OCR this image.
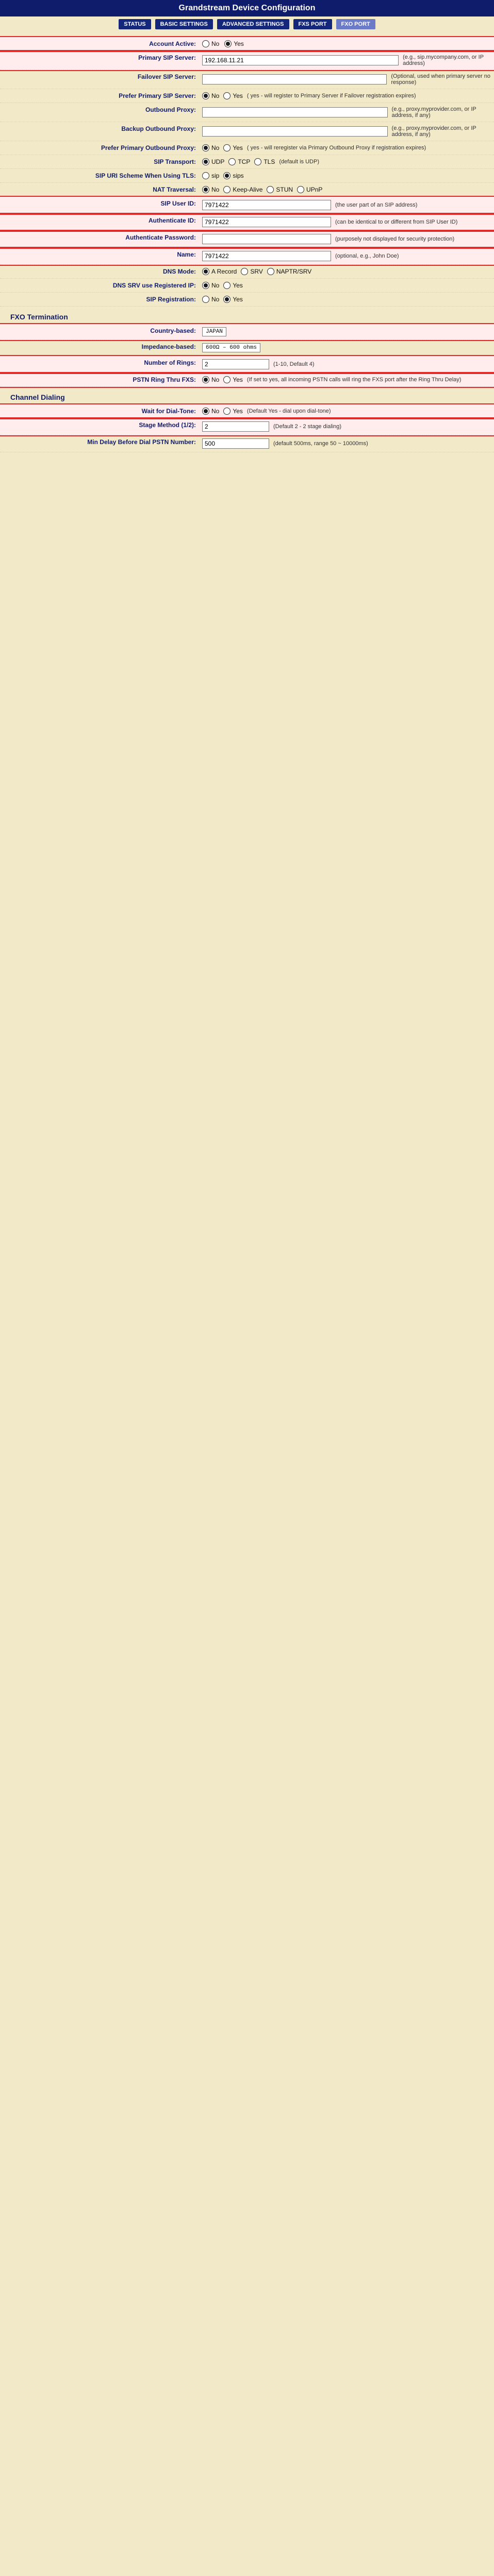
Grandstream Device Configuration
STATUS	BASIC SETTINGS	ADVANCED SETTINGS	FXS PORT	FXO PORT
Account Active:	No Yes
Primary SIP Server:
192.168.11.21	(e.g., sip.mycompany.com, or IP address)
Failover SIP Server:	(Optional, used when primary server no response)
Prefer Primary SIP Server:	No Yes ( yes - will register to Primary Server if Failover registration expires)
Outbound Proxy:	(e.g., proxy.myprovider.com, or IP address, if any)
Backup Outbound Proxy:	(e.g., proxy.myprovider.com, or IP address, if any)
Prefer Primary Outbound Proxy:	No Yes ( yes - will reregister via Primary Outbound Proxy if registration expires)
SIP Transport:	UDP TCP TLS (default is UDP)
SIP URI Scheme When Using TLS:	sip sips
NAT Traversal:	No Keep-Alive STUN UPnP
SIP User ID:
7971422	(the user part of an SIP address)
Authenticate ID:
7971422	(can be identical to or different from SIP User ID)
Authenticate Password:	(purposely not displayed for security protection)
Name:
7971422	(optional, e.g., John Doe)
DNS Mode:	A Record SRV NAPTR/SRV
DNS SRV use Registered IP:	No Yes
SIP Registration:	No Yes
FXO Termination
Country-based:	JAPAN
Impedance-based:	600Ω – 600 ohms
Number of Rings:
2	(1-10, Default 4)
PSTN Ring Thru FXS:	No Yes (If set to yes, all incoming PSTN calls will ring the FXS port after the Ring Thru Delay)
Channel Dialing
Wait for Dial-Tone:	No Yes (Default Yes - dial upon dial-tone)
Stage Method (1/2):
2	(Default 2 - 2 stage dialing)
Min Delay Before Dial PSTN Number:
500	(default 500ms, range 50 ~ 10000ms)
